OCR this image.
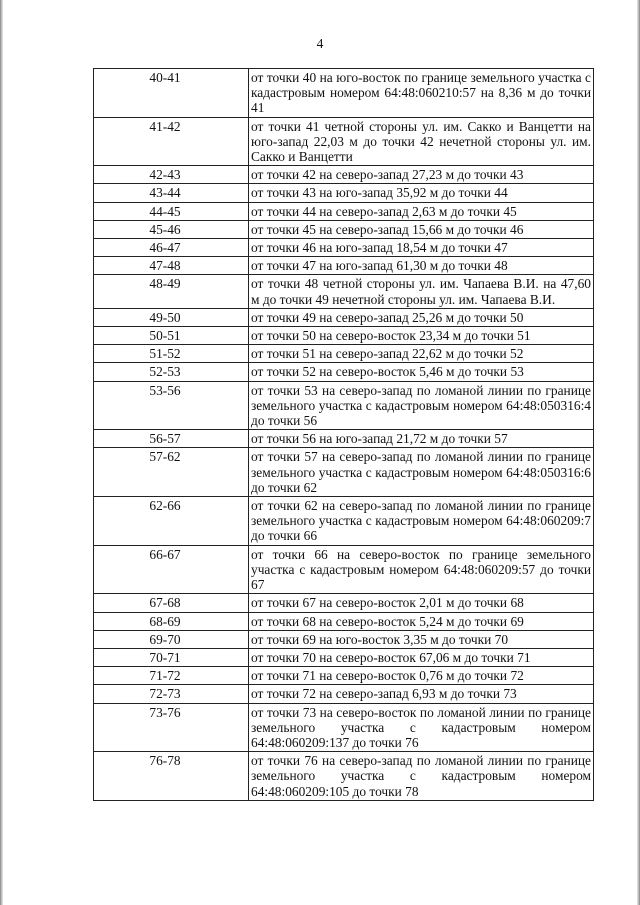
4
40-41	от точки 40 на юго-восток по границе земельного участка с кадастровым номером 64:48:060210:57 на 8,36 м до точки 41
41-42	от точки 41 четной стороны ул. им. Сакко и Ванцетти на юго-запад 22,03 м до точки 42 нечетной стороны ул. им. Сакко и Ванцетти
42-43	от точки 42 на северо-запад 27,23 м до точки 43
43-44	от точки 43 на юго-запад 35,92 м до точки 44
44-45	от точки 44 на северо-запад 2,63 м до точки 45
45-46	от точки 45 на северо-запад 15,66 м до точки 46
46-47	от точки 46 на юго-запад 18,54 м до точки 47
47-48	от точки 47 на юго-запад 61,30 м до точки 48
48-49	от точки 48 четной стороны ул. им. Чапаева В.И. на 47,60 м до точки 49 нечетной стороны ул. им. Чапаева В.И.
49-50	от точки 49 на северо-запад 25,26 м до точки 50
50-51	от точки 50 на северо-восток 23,34 м до точки 51
51-52	от точки 51 на северо-запад 22,62 м до точки 52
52-53	от точки 52 на северо-восток 5,46 м до точки 53
53-56	от точки 53 на северо-запад по ломаной линии по границе земельного участка с кадастровым номером 64:48:050316:4 до точки 56
56-57	от точки 56 на юго-запад 21,72 м до точки 57
57-62	от точки 57 на северо-запад по ломаной линии по границе земельного участка с кадастровым номером 64:48:050316:6 до точки 62
62-66	от точки 62 на северо-запад по ломаной линии по границе земельного участка с кадастровым номером 64:48:060209:7 до точки 66
66-67	от точки 66 на северо-восток по границе земельного участка с кадастровым номером 64:48:060209:57 до точки 67
67-68	от точки 67 на северо-восток 2,01 м до точки 68
68-69	от точки 68 на северо-восток 5,24 м до точки 69
69-70	от точки 69 на юго-восток 3,35 м до точки 70
70-71	от точки 70 на северо-восток 67,06 м до точки 71
71-72	от точки 71 на северо-восток 0,76 м до точки 72
72-73	от точки 72 на северо-запад 6,93 м до точки 73
73-76	от точки 73 на северо-восток по ломаной линии по границе земельного участка с кадастровым номером 64:48:060209:137 до точки 76
76-78	от точки 76 на северо-запад по ломаной линии по границе земельного участка с кадастровым номером 64:48:060209:105 до точки 78
